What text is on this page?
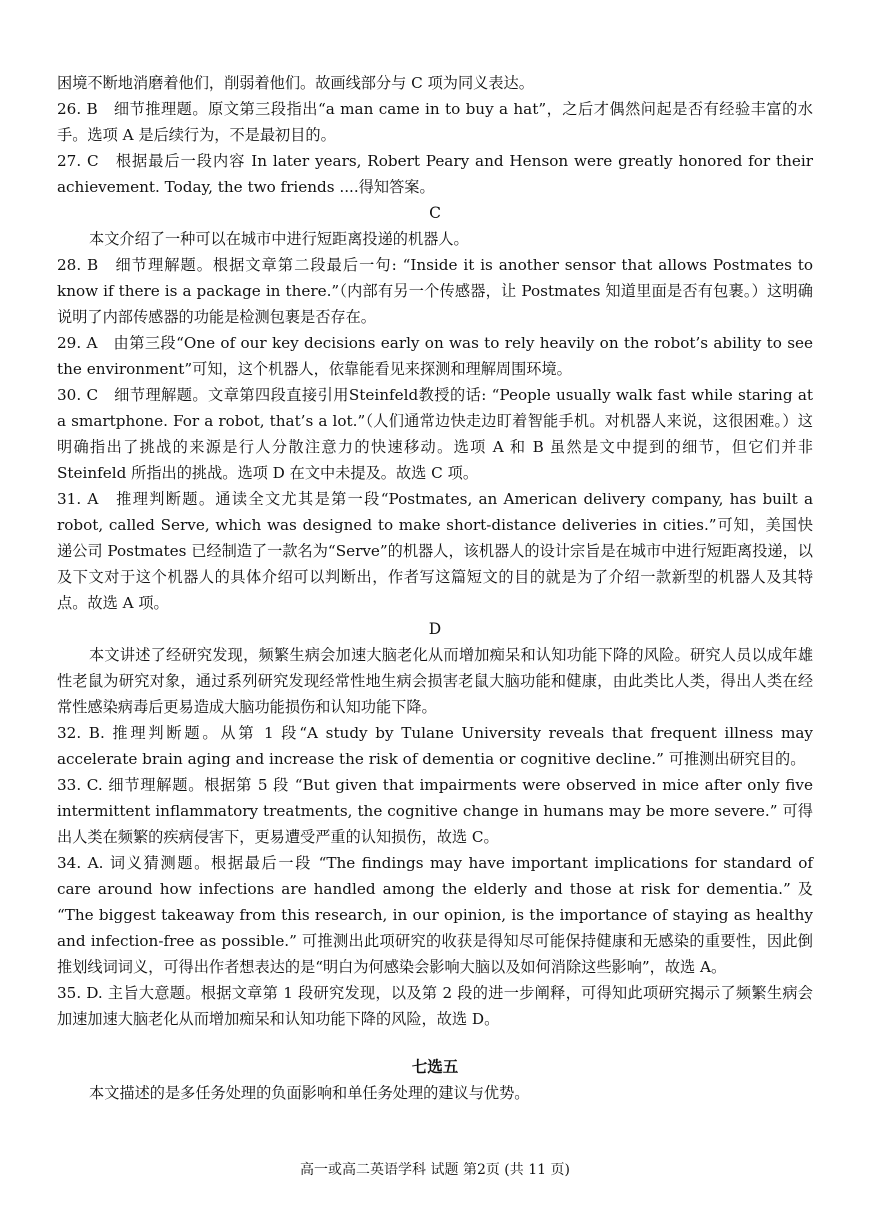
困境不断地消磨着他们，削弱着他们。故画线部分与 C 项为同义表达。

26. B　细节推理题。原文第三段指出“a man came in to buy a hat”，之后才偶然问起是否有经验丰富的水手。选项 A 是后续行为，不是最初目的。

27. C　根据最后一段内容 In later years, Robert Peary and Henson were greatly honored for their achievement. Today, the two friends ....得知答案。

C

本文介绍了一种可以在城市中进行短距离投递的机器人。

28. B　细节理解题。根据文章第二段最后一句: “Inside it is another sensor that allows Postmates to know if there is a package in there.”（内部有另一个传感器，让 Postmates 知道里面是否有包裹。）这明确说明了内部传感器的功能是检测包裹是否存在。

29. A　由第三段“One of our key decisions early on was to rely heavily on the robot’s ability to see the environment”可知，这个机器人，依靠能看见来探测和理解周围环境。

30. C　细节理解题。文章第四段直接引用Steinfeld教授的话: “People usually walk fast while staring at a smartphone. For a robot, that’s a lot.”（人们通常边快走边盯着智能手机。对机器人来说，这很困难。）这明确指出了挑战的来源是行人分散注意力的快速移动。选项 A 和 B 虽然是文中提到的细节，但它们并非 Steinfeld 所指出的挑战。选项 D 在文中未提及。故选 C 项。

31. A　推理判断题。通读全文尤其是第一段“Postmates, an American delivery company, has built a robot, called Serve, which was designed to make short-distance deliveries in cities.”可知，美国快递公司 Postmates 已经制造了一款名为“Serve”的机器人，该机器人的设计宗旨是在城市中进行短距离投递，以及下文对于这个机器人的具体介绍可以判断出，作者写这篇短文的目的就是为了介绍一款新型的机器人及其特点。故选 A 项。

D

本文讲述了经研究发现，频繁生病会加速大脑老化从而增加痴呆和认知功能下降的风险。研究人员以成年雄性老鼠为研究对象，通过系列研究发现经常性地生病会损害老鼠大脑功能和健康，由此类比人类，得出人类在经常性感染病毒后更易造成大脑功能损伤和认知功能下降。

32. B. 推理判断题。从第 1 段“A study by Tulane University reveals that frequent illness may accelerate brain aging and increase the risk of dementia or cognitive decline.” 可推测出研究目的。

33. C. 细节理解题。根据第 5 段 “But given that impairments were observed in mice after only five intermittent inflammatory treatments, the cognitive change in humans may be more severe.” 可得出人类在频繁的疾病侵害下，更易遭受严重的认知损伤，故选 C。

34. A. 词义猜测题。根据最后一段 “The findings may have important implications for standard of care around how infections are handled among the elderly and those at risk for dementia.” 及 “The biggest takeaway from this research, in our opinion, is the importance of staying as healthy and infection-free as possible.” 可推测出此项研究的收获是得知尽可能保持健康和无感染的重要性，因此倒推划线词词义，可得出作者想表达的是“明白为何感染会影响大脑以及如何消除这些影响”，故选 A。

35. D. 主旨大意题。根据文章第 1 段研究发现，以及第 2 段的进一步阐释，可得知此项研究揭示了频繁生病会加速加速大脑老化从而增加痴呆和认知功能下降的风险，故选 D。

七选五

本文描述的是多任务处理的负面影响和单任务处理的建议与优势。

高一或高二英语学科 试题 第2页 (共 11 页)
